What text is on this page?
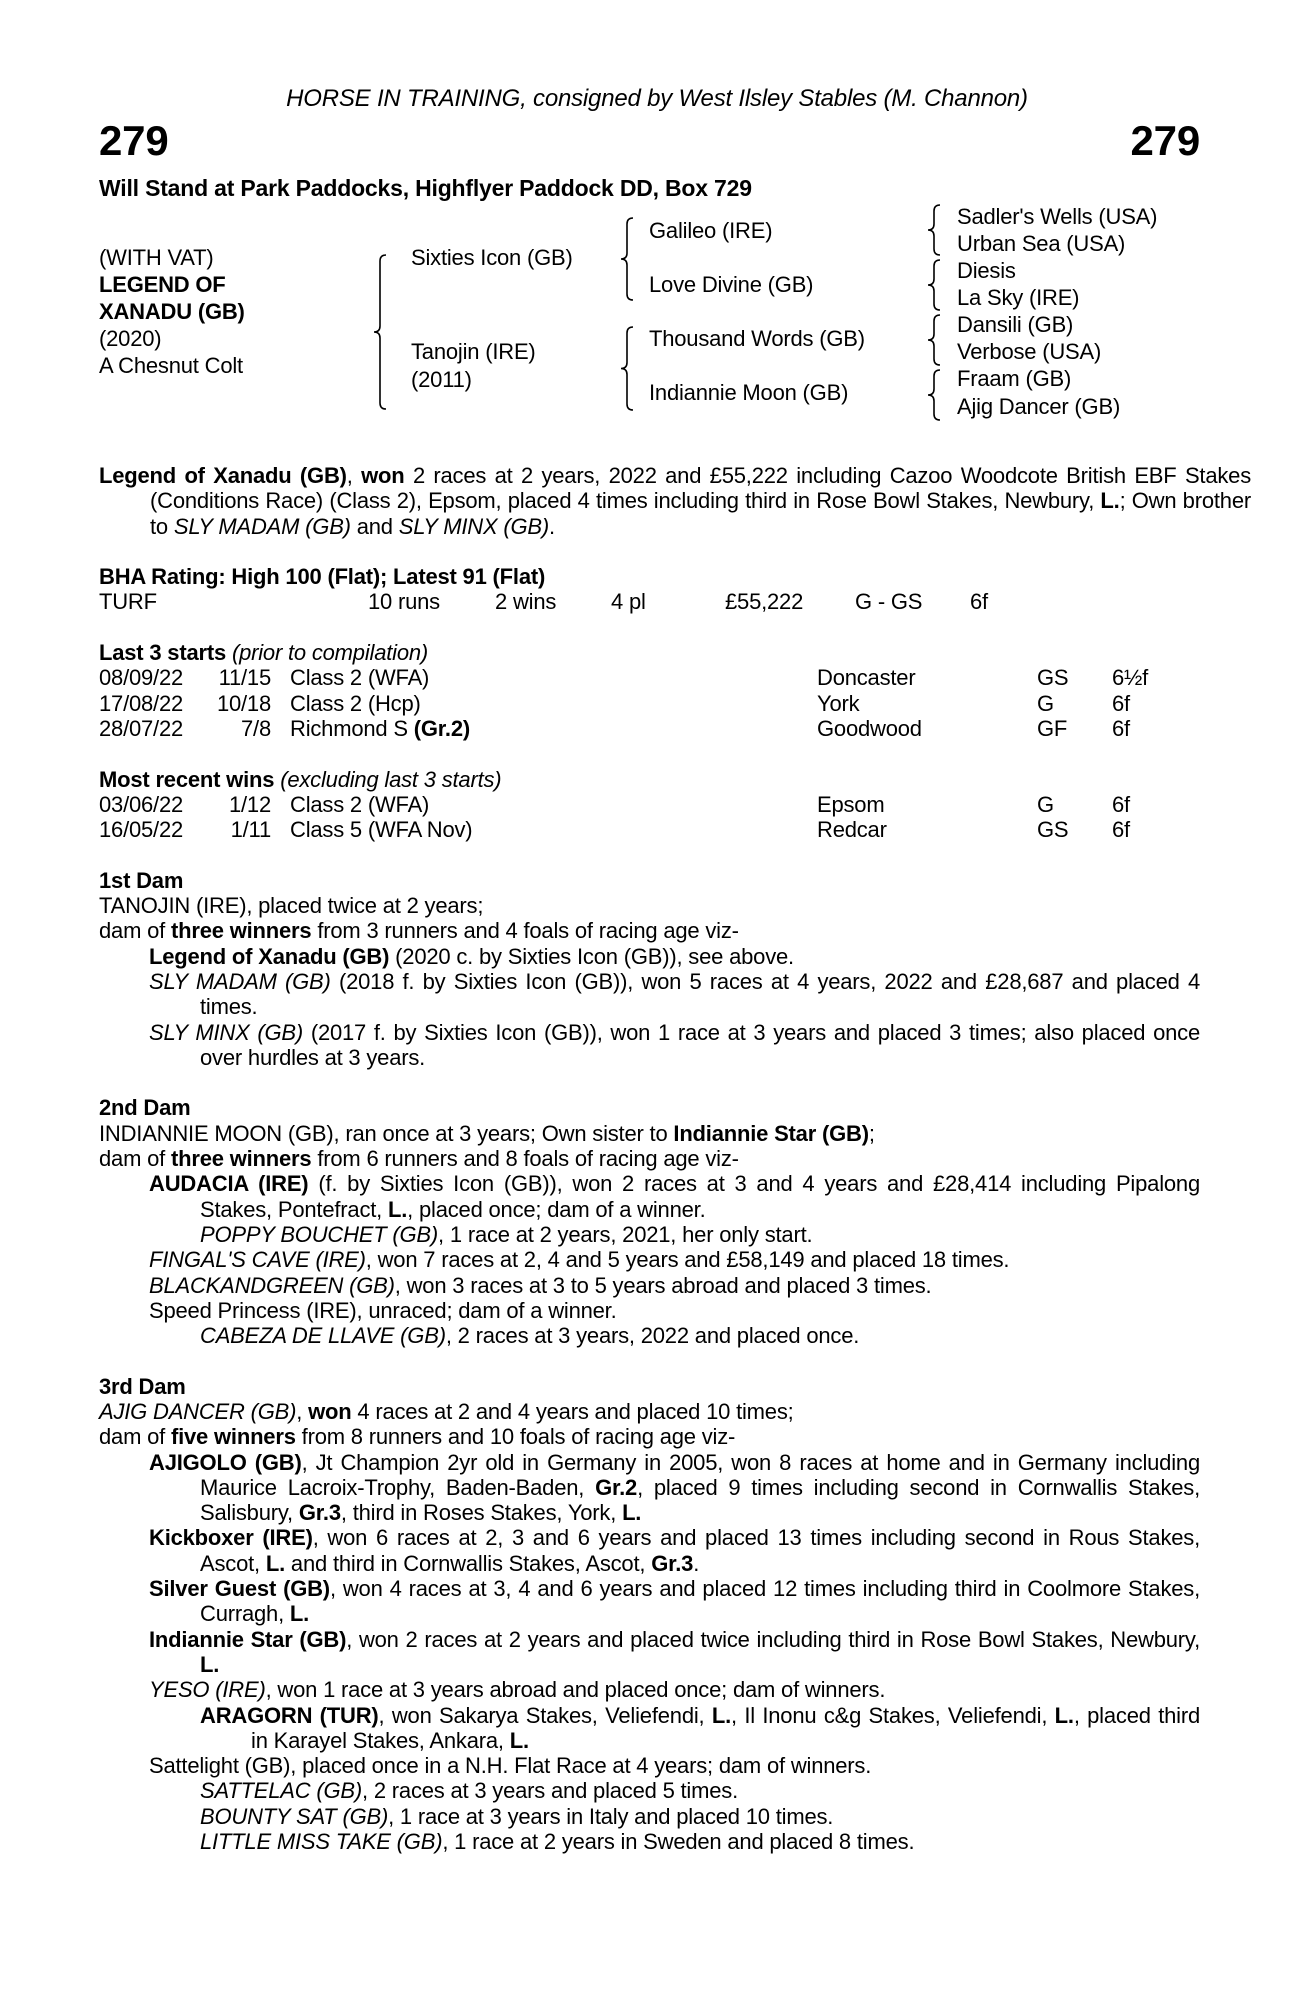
HORSE IN TRAINING, consigned by West Ilsley Stables (M. Channon)
279	279
Will Stand at Park Paddocks, Highflyer Paddock DD, Box 729
(WITH VAT)
LEGEND OF
XANADU (GB)
(2020)
A Chesnut Colt
Sixties Icon (GB)
Tanojin (IRE)
(2011)
Galileo (IRE)
Love Divine (GB)
Thousand Words (GB)
Indiannie Moon (GB)
Sadler's Wells (USA)
Urban Sea (USA)
Diesis
La Sky (IRE)
Dansili (GB)
Verbose (USA)
Fraam (GB)
Ajig Dancer (GB)
Legend of Xanadu (GB), won 2 races at 2 years, 2022 and £55,222 including Cazoo Woodcote British EBF Stakes (Conditions Race) (Class 2), Epsom, placed 4 times including third in Rose Bowl Stakes, Newbury, L.; Own brother to SLY MADAM (GB) and SLY MINX (GB).
BHA Rating: High 100 (Flat); Latest 91 (Flat)
TURF	10 runs	2 wins 4 pl	£55,222 G - GS 6f
Last 3 starts (prior to compilation)
08/09/22 11/15 Class 2 (WFA)	Doncaster	GS 6½f
17/08/22 10/18 Class 2 (Hcp)	York	G	6f
28/07/22	7/8 Richmond S (Gr.2)	Goodwood	GF 6f
Most recent wins (excluding last 3 starts)
03/06/22 1/12 Class 2 (WFA)	Epsom	G	6f
16/05/22 1/11 Class 5 (WFA Nov)	Redcar	GS 6f
1st Dam
TANOJIN (IRE), placed twice at 2 years;
dam of three winners from 3 runners and 4 foals of racing age viz-
Legend of Xanadu (GB) (2020 c. by Sixties Icon (GB)), see above.
SLY MADAM (GB) (2018 f. by Sixties Icon (GB)), won 5 races at 4 years, 2022 and £28,687 and placed 4 times.
SLY MINX (GB) (2017 f. by Sixties Icon (GB)), won 1 race at 3 years and placed 3 times; also placed once over hurdles at 3 years.
2nd Dam
INDIANNIE MOON (GB), ran once at 3 years; Own sister to Indiannie Star (GB);
dam of three winners from 6 runners and 8 foals of racing age viz-
AUDACIA (IRE) (f. by Sixties Icon (GB)), won 2 races at 3 and 4 years and £28,414 including Pipalong Stakes, Pontefract, L., placed once; dam of a winner.
POPPY BOUCHET (GB), 1 race at 2 years, 2021, her only start.
FINGAL'S CAVE (IRE), won 7 races at 2, 4 and 5 years and £58,149 and placed 18 times.
BLACKANDGREEN (GB), won 3 races at 3 to 5 years abroad and placed 3 times.
Speed Princess (IRE), unraced; dam of a winner.
CABEZA DE LLAVE (GB), 2 races at 3 years, 2022 and placed once.
3rd Dam
AJIG DANCER (GB), won 4 races at 2 and 4 years and placed 10 times;
dam of five winners from 8 runners and 10 foals of racing age viz-
AJIGOLO (GB), Jt Champion 2yr old in Germany in 2005, won 8 races at home and in Germany including Maurice Lacroix-Trophy, Baden-Baden, Gr.2, placed 9 times including second in Cornwallis Stakes, Salisbury, Gr.3, third in Roses Stakes, York, L.
Kickboxer (IRE), won 6 races at 2, 3 and 6 years and placed 13 times including second in Rous Stakes, Ascot, L. and third in Cornwallis Stakes, Ascot, Gr.3.
Silver Guest (GB), won 4 races at 3, 4 and 6 years and placed 12 times including third in Coolmore Stakes, Curragh, L.
Indiannie Star (GB), won 2 races at 2 years and placed twice including third in Rose Bowl Stakes, Newbury, L.
YESO (IRE), won 1 race at 3 years abroad and placed once; dam of winners.
ARAGORN (TUR), won Sakarya Stakes, Veliefendi, L., Il Inonu c&g Stakes, Veliefendi, L., placed third in Karayel Stakes, Ankara, L.
Sattelight (GB), placed once in a N.H. Flat Race at 4 years; dam of winners.
SATTELAC (GB), 2 races at 3 years and placed 5 times.
BOUNTY SAT (GB), 1 race at 3 years in Italy and placed 10 times.
LITTLE MISS TAKE (GB), 1 race at 2 years in Sweden and placed 8 times.
